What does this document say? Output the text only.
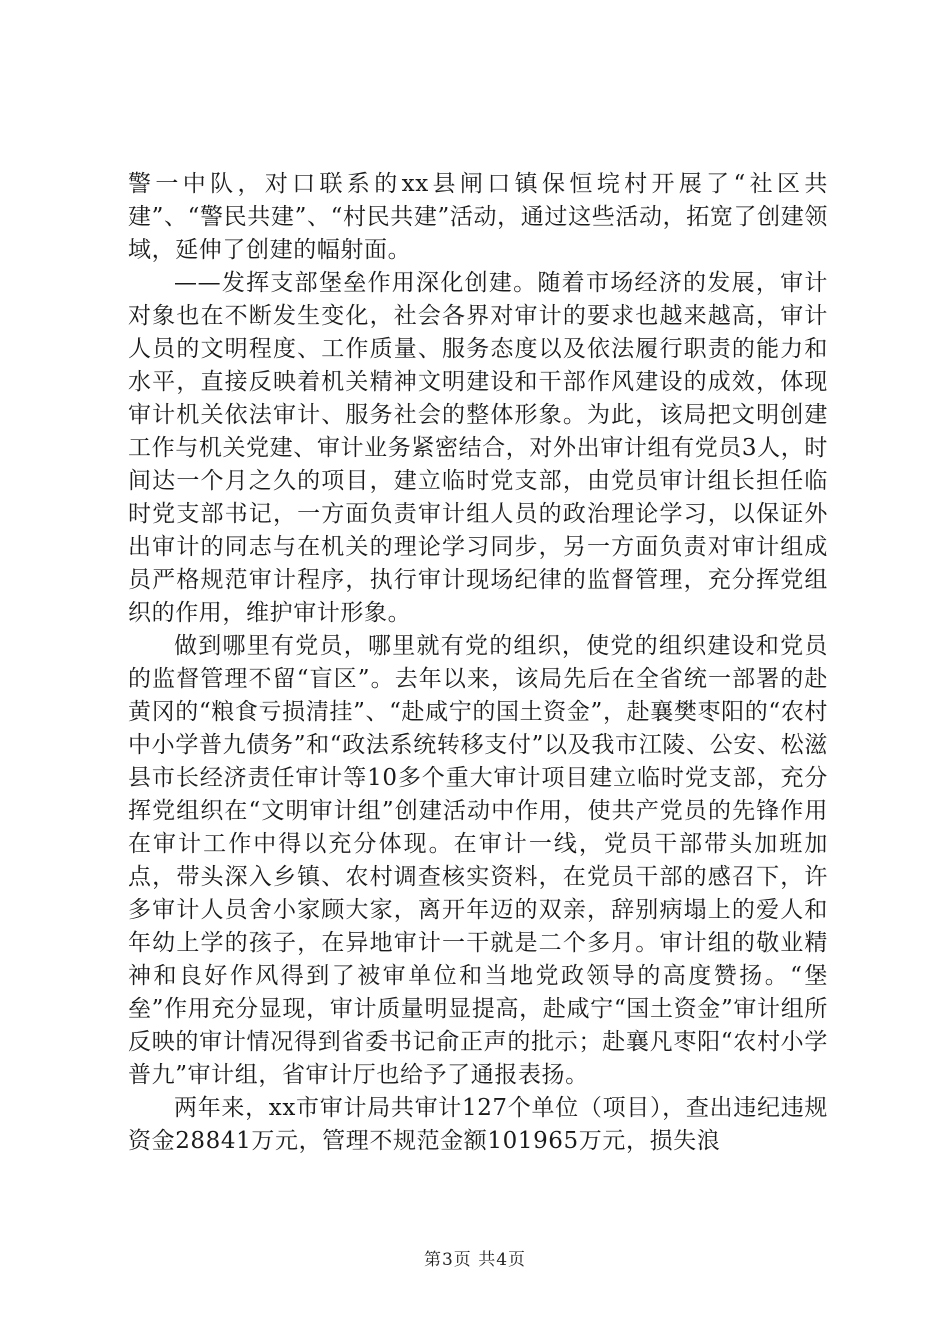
警一中队，对口联系的xx县闸口镇保恒垸村开展了“社区共建”、“警民共建”、“村民共建”活动，通过这些活动，拓宽了创建领域，延伸了创建的幅射面。

——发挥支部堡垒作用深化创建。随着市场经济的发展，审计对象也在不断发生变化，社会各界对审计的要求也越来越高，审计人员的文明程度、工作质量、服务态度以及依法履行职责的能力和水平，直接反映着机关精神文明建设和干部作风建设的成效，体现审计机关依法审计、服务社会的整体形象。为此，该局把文明创建工作与机关党建、审计业务紧密结合，对外出审计组有党员3人，时间达一个月之久的项目，建立临时党支部，由党员审计组长担任临时党支部书记，一方面负责审计组人员的政治理论学习，以保证外出审计的同志与在机关的理论学习同步，另一方面负责对审计组成员严格规范审计程序，执行审计现场纪律的监督管理，充分挥党组织的作用，维护审计形象。

做到哪里有党员，哪里就有党的组织，使党的组织建设和党员的监督管理不留“盲区”。去年以来，该局先后在全省统一部署的赴黄冈的“粮食亏损清挂”、“赴咸宁的国土资金”，赴襄樊枣阳的“农村中小学普九债务”和“政法系统转移支付”以及我市江陵、公安、松滋县市长经济责任审计等10多个重大审计项目建立临时党支部，充分挥党组织在“文明审计组”创建活动中作用，使共产党员的先锋作用在审计工作中得以充分体现。在审计一线，党员干部带头加班加点，带头深入乡镇、农村调查核实资料，在党员干部的感召下，许多审计人员舍小家顾大家，离开年迈的双亲，辞别病塌上的爱人和年幼上学的孩子，在异地审计一干就是二个多月。审计组的敬业精神和良好作风得到了被审单位和当地党政领导的高度赞扬。“堡垒”作用充分显现，审计质量明显提高，赴咸宁“国土资金”审计组所反映的审计情况得到省委书记俞正声的批示；赴襄凡枣阳“农村小学普九”审计组，省审计厅也给予了通报表扬。

两年来，xx市审计局共审计127个单位（项目），查出违纪违规资金28841万元，管理不规范金额101965万元，损失浪

第3页 共4页
